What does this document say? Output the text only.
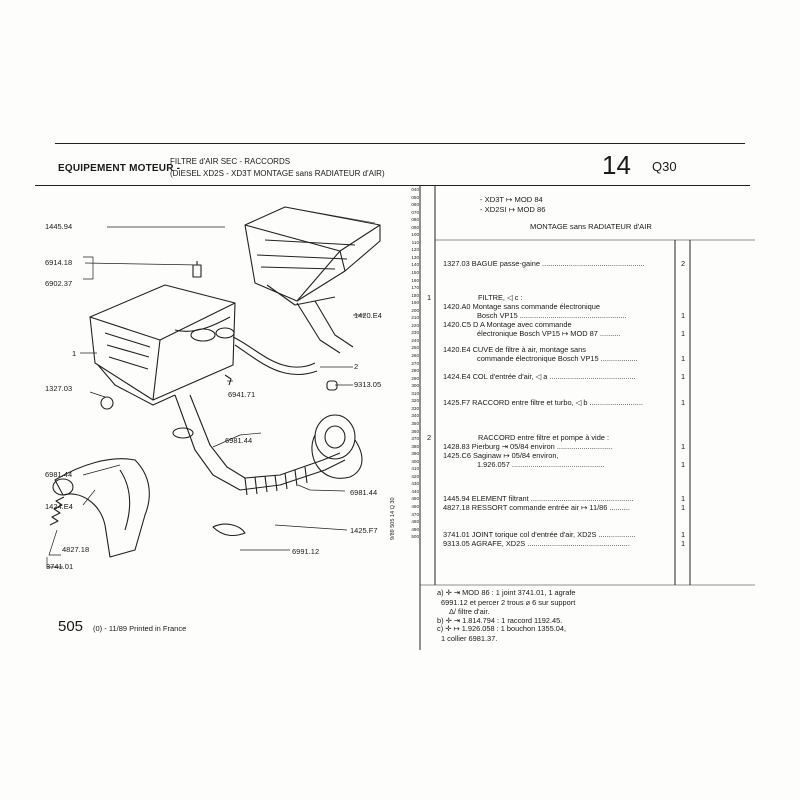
EQUIPEMENT MOTEUR -
FILTRE d'AIR SEC - RACCORDS
(DIESEL XD2S - XD3T MONTAGE sans RADIATEUR d'AIR)	14 Q30
1445.94
6914.18
6902.37
1
1420.E4
2
9313.05
1327.03
6941.71
6981.44
6981.44
1424.E4
6981.44
1425.F7
4827.18	6991.12
3741.01
040
050
060
070
080
090
100
110
120
130
140
150
160
170
180
190
200
210
220
230
240
250
260
270
280
290
300
310
320
330
340
350
360
370
380
390
400
410
420
430
440
450
460
470
480
490
500
- XD3T ↦ MOD 84
- XD2SI ↦ MOD 86
MONTAGE sans RADIATEUR d'AIR
1327.03 BAGUE passe-gaine ..................................................	2
1	FILTRE, ◁ c :
1420.A0 Montage sans commande électronique
Bosch VP15 ....................................................	1
1420.C5 D A Montage avec commande
électronique Bosch VP15 ↦ MOD 87 ..........	1
1420.E4 CUVE de filtre à air, montage sans
commande électronique Bosch VP15 ..................	1
1424.E4 COL d'entrée d'air, ◁ a ..........................................	1
1425.F7 RACCORD entre filtre et turbo, ◁ b ..........................	1
2	RACCORD entre filtre et pompe à vide :
1428.83 Pierburg ⇥ 05/84 environ ...........................	1
1425.C6 Saginaw ↦ 05/84 environ,
1.926.057 .............................................	1
1445.94 ELEMENT filtrant ..................................................	1
4827.18 RESSORT commande entrée air ↦ 11/86 ..........	1
3741.01 JOINT torique col d'entrée d'air, XD2S ..................	1
9313.05 AGRAFE, XD2S ..................................................	1
a) ✛ ⇥ MOD 86 : 1 joint 3741.01, 1 agrafe
6991.12 et percer 2 trous ⌀ 6 sur support
Δ/ filtre d'air.
b) ✛ ⇥ 1.814.794 : 1 raccord 1192.45.
c) ✛ ↦ 1.926.058 : 1 bouchon 1355.04,
1 collier 6981.37.
9/89 505 14 Q 30
505 (0) - 11/89 Printed in France
